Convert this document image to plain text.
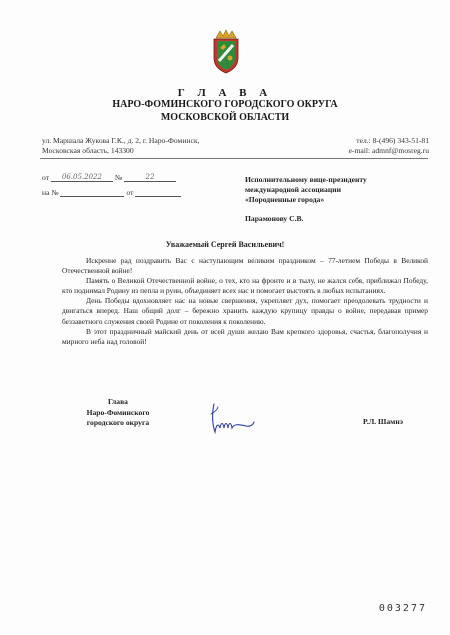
Г Л А В А
НАРО-ФОМИНСКОГО ГОРОДСКОГО ОКРУГА
МОСКОВСКОЙ ОБЛАСТИ
ул. Маршала Жукова Г.К., д. 2, г. Наро-Фоминск,
Московская область, 143300
тел.: 8-(496) 343-51-81
e-mail: admnf@mosreg.ru
от 06.05.2022 №	22
на №	от
Исполнительному вице-президенту
международной ассоциации
«Породненные города»
Парамонову С.В.
Уважаемый Сергей Васильевич!

Искренне рад поздравить Вас с наступающим великим праздником – 77-летием Победы в Великой Отечественной войне!

Память о Великой Отечественной войне, о тех, кто на фронте и в тылу, не жался себя, приближал Победу, кто поднимал Родину из пепла и руин, объединяет всех нас и помогает выстоять в любых испытаниях.

День Победы вдохновляет нас на новые свершения, укрепляет дух, помогает преодолевать трудности и двигаться вперед. Наш общий долг – бережно хранить каждую крупицу правды о войне, передавая пример беззаветного служения своей Родине от поколения к поколению.

В этот праздничный майский день от всей души желаю Вам крепкого здоровья, счастья, благополучия и мирного неба над головой!

Глава
Наро-Фоминского
городского округа	Р.Л. Шамнэ
003277
